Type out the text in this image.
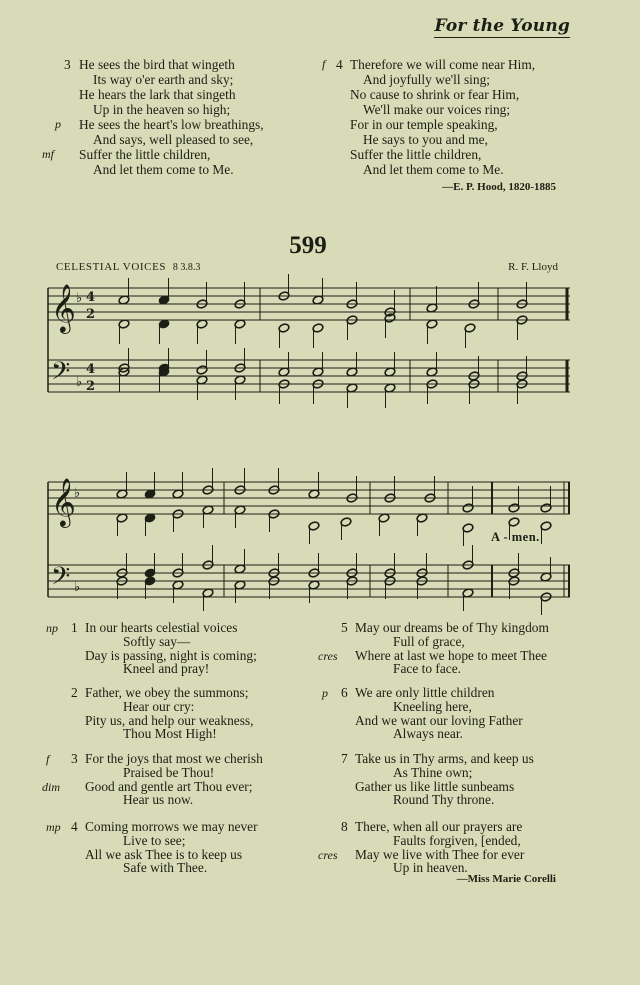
For the Young
3 He sees the bird that wingeth
Its way o'er earth and sky;
He hears the lark that singeth
Up in the heaven so high;
p He sees the heart's low breathings,
And says, well pleased to see,
mf Suffer the little children,
And let them come to Me.
f 4 Therefore we will come near Him,
And joyfully we'll sing;
No cause to shrink or fear Him,
We'll make our voices ring;
For in our temple speaking,
He says to you and me,
Suffer the little children,
And let them come to Me.
—E. P. Hood, 1820-1885
599
CELESTIAL VOICES 8 3.8.3	R. F. Lloyd
𝄞
𝄢
𝄞
𝄢
♭
♭
♭
♭
4
2
4
2
A - men.
np 1 In our hearts celestial voices
Softly say—
Day is passing, night is coming;
Kneel and pray!
2 Father, we obey the summons;
Hear our cry:
Pity us, and help our weakness,
Thou Most High!
f 3 For the joys that most we cherish
Praised be Thou!
Good and gentle art Thou ever;
Hear us now.
dim
mp 4 Coming morrows we may never
Live to see;
All we ask Thee is to keep us
Safe with Thee.
5 May our dreams be of Thy kingdom
Full of grace,
Where at last we hope to meet Thee
Face to face.
cres
p 6 We are only little children
Kneeling here,
And we want our loving Father
Always near.
7 Take us in Thy arms, and keep us
As Thine own;
Gather us like little sunbeams
Round Thy throne.
8 There, when all our prayers are
Faults forgiven, [ended,
May we live with Thee for ever
Up in heaven.
cres
—Miss Marie Corelli
